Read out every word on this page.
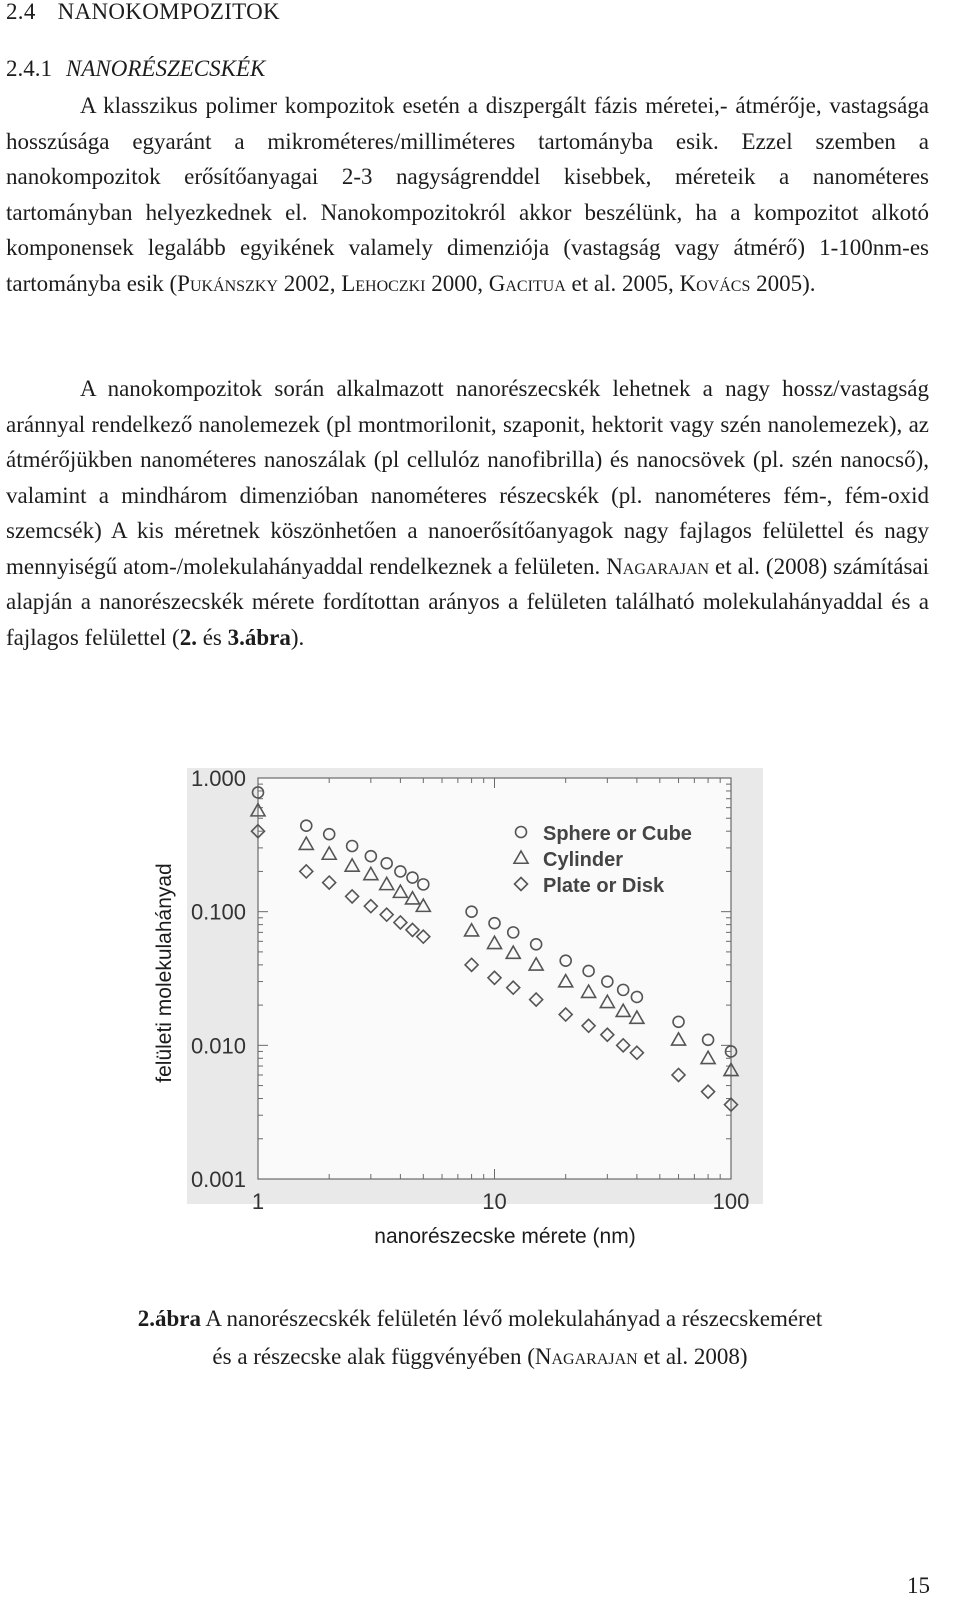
2.4 NANOKOMPOZITOK
2.4.1 NANORÉSZECSKÉK

A klasszikus polimer kompozitok esetén a diszpergált fázis méretei,- átmérője, vastagsága hosszúsága egyaránt a mikrométeres/milliméteres tartományba esik. Ezzel szemben a nanokompozitok erősítőanyagai 2-3 nagyságrenddel kisebbek, méreteik a nanométeres tartományban helyezkednek el. Nanokompozitokról akkor beszélünk, ha a kompozitot alkotó komponensek legalább egyikének valamely dimenziója (vastagság vagy átmérő) 1-100nm-es tartományba esik (Pukánszky 2002, Lehoczki 2000, Gacitua et al. 2005, Kovács 2005).

A nanokompozitok során alkalmazott nanorészecskék lehetnek a nagy hossz/vastagság aránnyal rendelkező nanolemezek (pl montmorilonit, szaponit, hektorit vagy szén nanolemezek), az átmérőjükben nanométeres nanoszálak (pl cellulóz nanofibrilla) és nanocsövek (pl. szén nanocső), valamint a mindhárom dimenzióban nanométeres részecskék (pl. nanométeres fém-, fém-oxid szemcsék) A kis méretnek köszönhetően a nanoerősítőanyagok nagy fajlagos felülettel és nagy mennyiségű atom-/molekulahányaddal rendelkeznek a felületen. Nagarajan et al. (2008) számításai alapján a nanorészecskék mérete fordítottan arányos a felületen található molekulahányaddal és a fajlagos felülettel (2. és 3.ábra).

1	10	100
0.001
0.010
0.100
1.000
nanorészecske mérete (nm)
felületi molekulahányad
Sphere or Cube
Cylinder
Plate or Disk
2.ábra A nanorészecskék felületén lévő molekulahányad a részecskeméret
és a részecske alak függvényében (Nagarajan et al. 2008)
15
